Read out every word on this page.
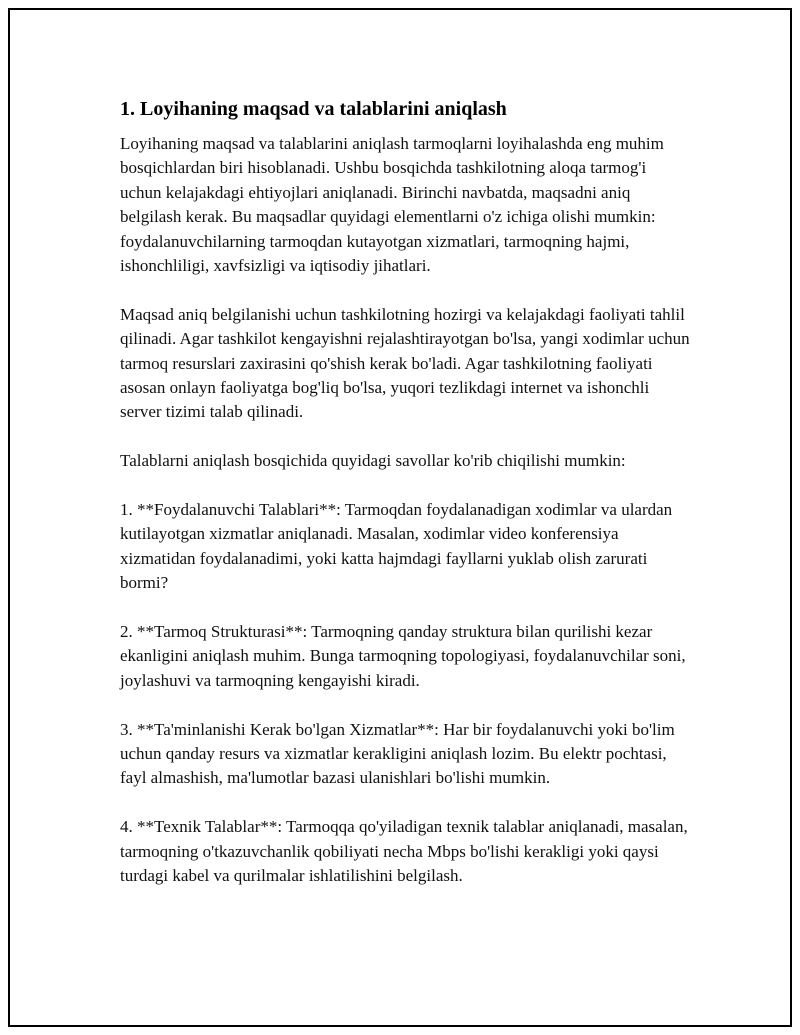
1. Loyihaning maqsad va talablarini aniqlash

Loyihaning maqsad va talablarini aniqlash tarmoqlarni loyihalashda eng muhim bosqichlardan biri hisoblanadi. Ushbu bosqichda tashkilotning aloqa tarmog'i uchun kelajakdagi ehtiyojlari aniqlanadi. Birinchi navbatda, maqsadni aniq belgilash kerak. Bu maqsadlar quyidagi elementlarni o'z ichiga olishi mumkin: foydalanuvchilarning tarmoqdan kutayotgan xizmatlari, tarmoqning hajmi, ishonchliligi, xavfsizligi va iqtisodiy jihatlari.

Maqsad aniq belgilanishi uchun tashkilotning hozirgi va kelajakdagi faoliyati tahlil qilinadi. Agar tashkilot kengayishni rejalashtirayotgan bo'lsa, yangi xodimlar uchun tarmoq resurslari zaxirasini qo'shish kerak bo'ladi. Agar tashkilotning faoliyati asosan onlayn faoliyatga bog'liq bo'lsa, yuqori tezlikdagi internet va ishonchli server tizimi talab qilinadi.

Talablarni aniqlash bosqichida quyidagi savollar ko'rib chiqilishi mumkin:

1. **Foydalanuvchi Talablari**: Tarmoqdan foydalanadigan xodimlar va ulardan kutilayotgan xizmatlar aniqlanadi. Masalan, xodimlar video konferensiya xizmatidan foydalanadimi, yoki katta hajmdagi fayllarni yuklab olish zarurati bormi?

2. **Tarmoq Strukturasi**: Tarmoqning qanday struktura bilan qurilishi kezar ekanligini aniqlash muhim. Bunga tarmoqning topologiyasi, foydalanuvchilar soni, joylashuvi va tarmoqning kengayishi kiradi.

3. **Ta'minlanishi Kerak bo'lgan Xizmatlar**: Har bir foydalanuvchi yoki bo'lim uchun qanday resurs va xizmatlar kerakligini aniqlash lozim. Bu elektr pochtasi, fayl almashish, ma'lumotlar bazasi ulanishlari bo'lishi mumkin.

4. **Texnik Talablar**: Tarmoqqa qo'yiladigan texnik talablar aniqlanadi, masalan, tarmoqning o'tkazuvchanlik qobiliyati necha Mbps bo'lishi kerakligi yoki qaysi turdagi kabel va qurilmalar ishlatilishini belgilash.
